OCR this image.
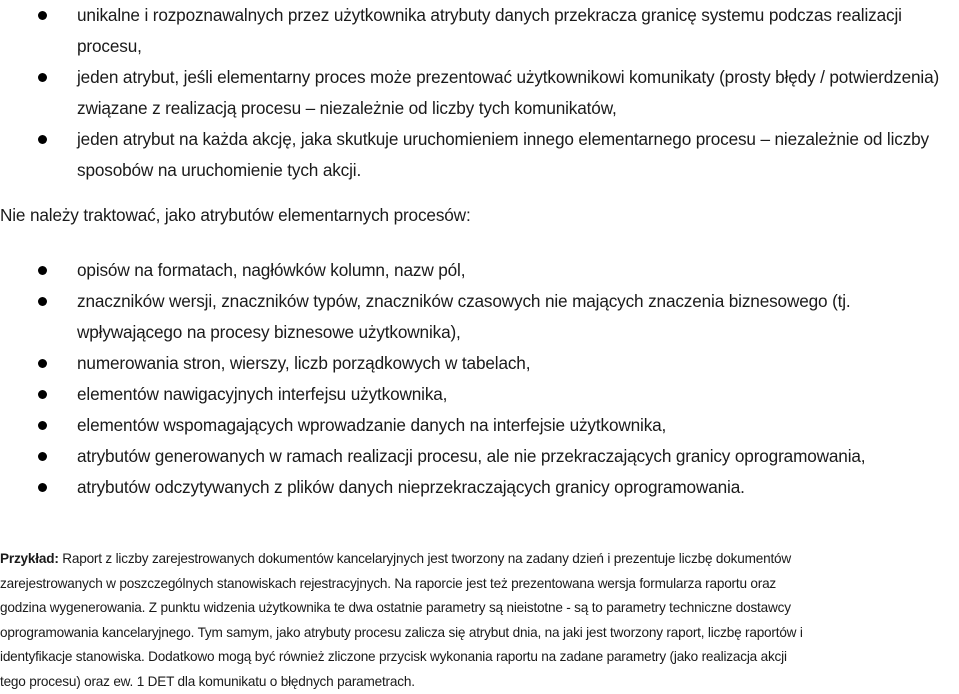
unikalne i rozpoznawalnych przez użytkownika atrybuty danych przekracza granicę systemu podczas realizacji procesu,
jeden atrybut, jeśli elementarny proces może prezentować użytkownikowi komunikaty (prosty błędy / potwierdzenia) związane z realizacją procesu – niezależnie od liczby tych komunikatów,
jeden atrybut na każda akcję, jaka skutkuje uruchomieniem innego elementarnego procesu – niezależnie od liczby sposobów na uruchomienie tych akcji.
Nie należy traktować, jako atrybutów elementarnych procesów:
opisów na formatach, nagłówków kolumn, nazw pól,
znaczników wersji, znaczników typów, znaczników czasowych nie mających znaczenia biznesowego (tj. wpływającego na procesy biznesowe użytkownika),
numerowania stron, wierszy, liczb porządkowych w tabelach,
elementów nawigacyjnych interfejsu użytkownika,
elementów wspomagających wprowadzanie danych na interfejsie użytkownika,
atrybutów generowanych w ramach realizacji procesu, ale nie przekraczających granicy oprogramowania,
atrybutów odczytywanych z plików danych nieprzekraczających granicy oprogramowania.
Przykład: Raport z liczby zarejestrowanych dokumentów kancelaryjnych jest tworzony na zadany dzień i prezentuje liczbę dokumentów
zarejestrowanych w poszczególnych stanowiskach rejestracyjnych. Na raporcie jest też prezentowana wersja formularza raportu oraz
godzina wygenerowania. Z punktu widzenia użytkownika te dwa ostatnie parametry są nieistotne - są to parametry techniczne dostawcy
oprogramowania kancelaryjnego. Tym samym, jako atrybuty procesu zalicza się atrybut dnia, na jaki jest tworzony raport, liczbę raportów i
identyfikacje stanowiska. Dodatkowo mogą być również zliczone przycisk wykonania raportu na zadane parametry (jako realizacja akcji
tego procesu) oraz ew. 1 DET dla komunikatu o błędnych parametrach.
